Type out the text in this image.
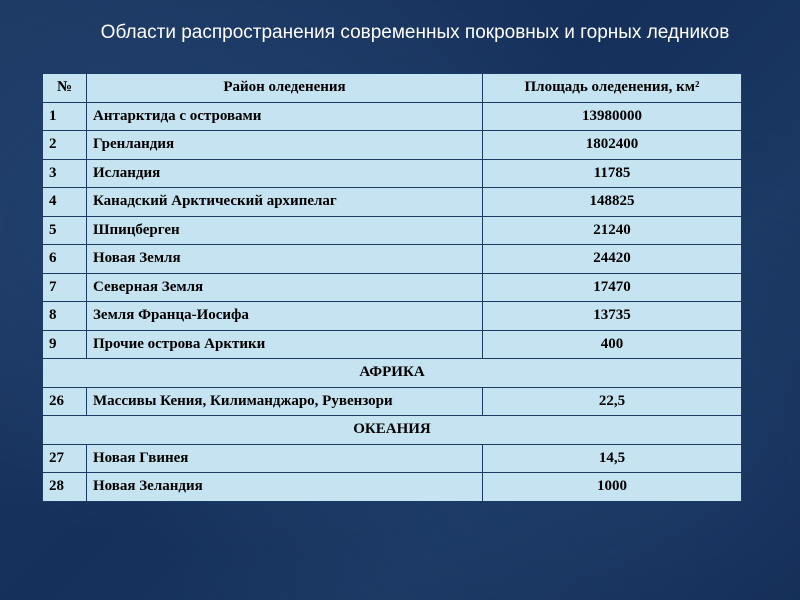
Области распространения современных покровных и горных ледников
№	Район оледенения	Площадь оледенения, км²
1	Антарктида с островами	13980000
2	Гренландия	1802400
3	Исландия	11785
4	Канадский Арктический архипелаг	148825
5	Шпицберген	21240
6	Новая Земля	24420
7	Северная Земля	17470
8	Земля Франца-Иосифа	13735
9	Прочие острова Арктики	400
АФРИКА		
26	Массивы Кения, Килиманджаро, Рувензори	22,5
ОКЕАНИЯ		
27	Новая Гвинея	14,5
28	Новая Зеландия	1000
